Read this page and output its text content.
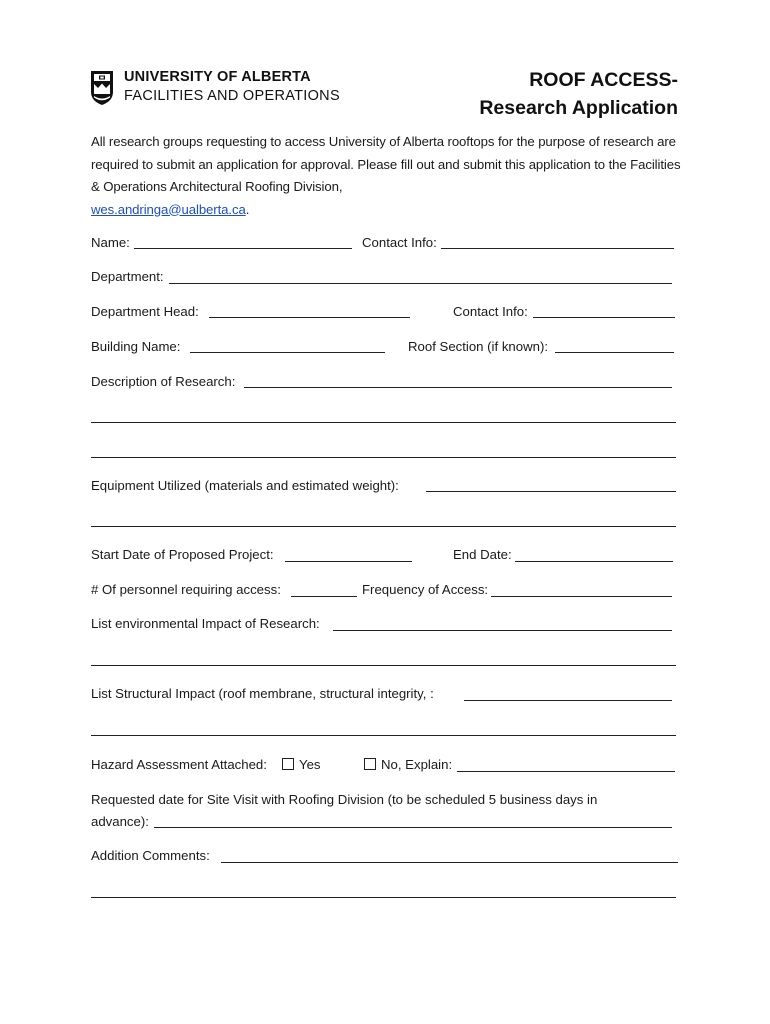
UNIVERSITY OF ALBERTA
FACILITIES AND OPERATIONS
ROOF ACCESS-
Research Application
All research groups requesting to access University of Alberta rooftops for the purpose of research are required to submit an application for approval. Please fill out and submit this application to the Facilities & Operations Architectural Roofing Division,
wes.andringa@ualberta.ca.
Name:	Contact Info:
Department:
Department Head:	Contact Info:
Building Name:	Roof Section (if known):
Description of Research:
Equipment Utilized (materials and estimated weight):
Start Date of Proposed Project:	End Date:
# Of personnel requiring access:	Frequency of Access:
List environmental Impact of Research:
List Structural Impact (roof membrane, structural integrity, :
Hazard Assessment Attached:	Yes	No, Explain:
Requested date for Site Visit with Roofing Division (to be scheduled 5 business days in
advance):
Addition Comments:
